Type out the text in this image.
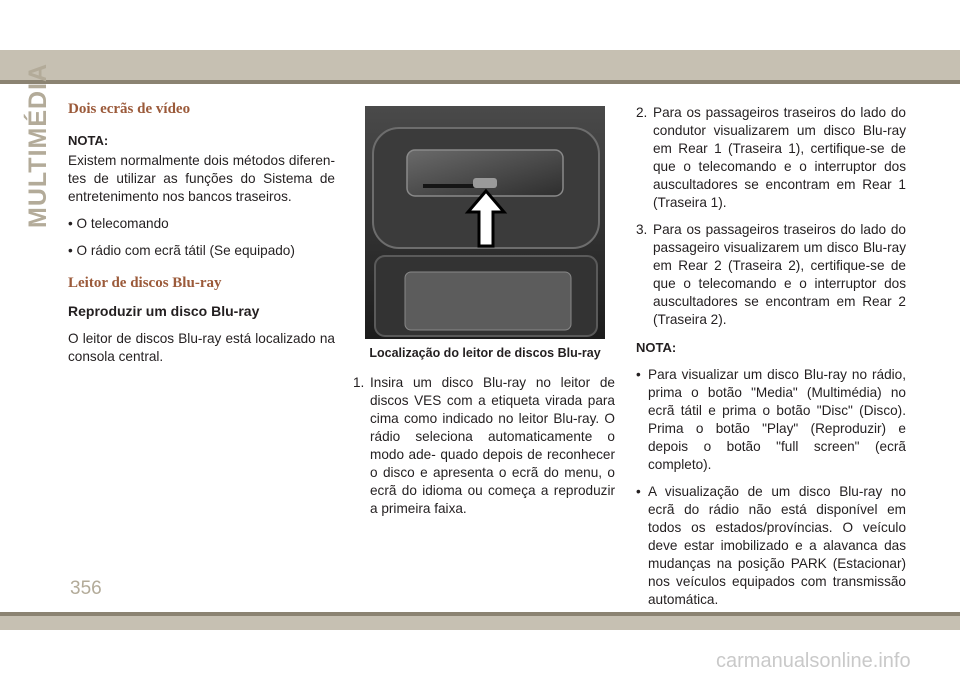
MULTIMÉDIA Dois ecrãs de vídeo

NOTA:

Existem normalmente dois métodos diferen- tes de utilizar as funções do Sistema de entretenimento nos bancos traseiros.

• O telecomando

• O rádio com ecrã tátil (Se equipado)

Leitor de discos Blu-ray

Reproduzir um disco Blu-ray

O leitor de discos Blu-ray está localizado na consola central.	Localização do leitor de discos Blu-ray
1. Insira um disco Blu-ray no leitor de discos VES com a etiqueta virada para cima como indicado no leitor Blu-ray. O rádio seleciona automaticamente o modo ade- quado depois de reconhecer o disco e apresenta o ecrã do menu, o ecrã do idioma ou começa a reproduzir a primeira faixa.
2. Para os passageiros traseiros do lado do condutor visualizarem um disco Blu-ray em Rear 1 (Traseira 1), certifique-se de que o telecomando e o interruptor dos auscultadores se encontram em Rear 1 (Traseira 1).
3. Para os passageiros traseiros do lado do passageiro visualizarem um disco Blu-ray em Rear 2 (Traseira 2), certifique-se de que o telecomando e o interruptor dos auscultadores se encontram em Rear 2 (Traseira 2).

NOTA:

• Para visualizar um disco Blu-ray no rádio, prima o botão "Media" (Multimédia) no ecrã tátil e prima o botão "Disc" (Disco). Prima o botão "Play" (Reproduzir) e depois o botão "full screen" (ecrã completo).
• A visualização de um disco Blu-ray no ecrã do rádio não está disponível em todos os estados/províncias. O veículo deve estar imobilizado e a alavanca das mudanças na posição PARK (Estacionar) nos veículos equipados com transmissão automática.
356
carmanualsonline.info
